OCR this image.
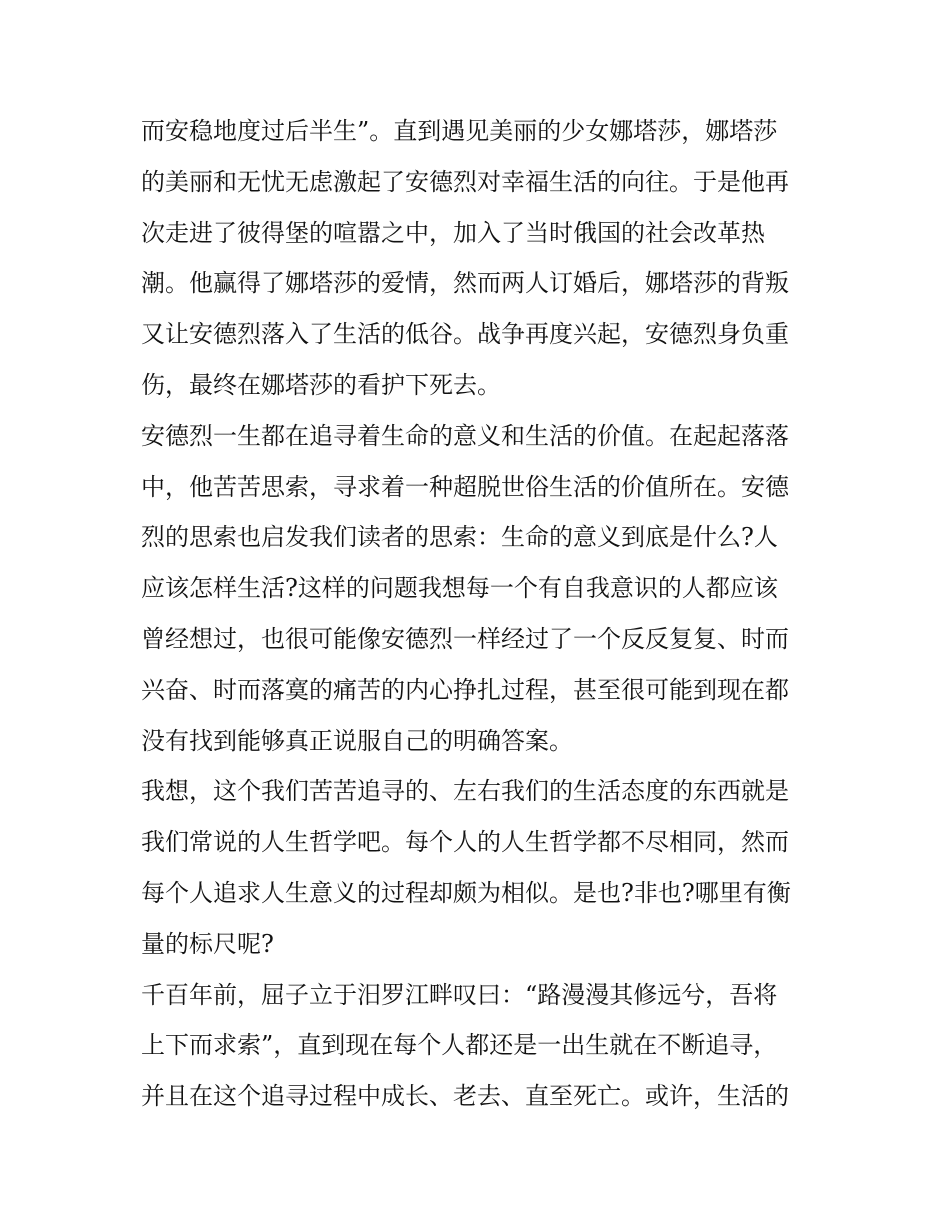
而安稳地度过后半生”。直到遇见美丽的少女娜塔莎，娜塔莎
的美丽和无忧无虑激起了安德烈对幸福生活的向往。于是他再
次走进了彼得堡的喧嚣之中，加入了当时俄国的社会改革热
潮。他赢得了娜塔莎的爱情，然而两人订婚后，娜塔莎的背叛
又让安德烈落入了生活的低谷。战争再度兴起，安德烈身负重
伤，最终在娜塔莎的看护下死去。
安德烈一生都在追寻着生命的意义和生活的价值。在起起落落
中，他苦苦思索，寻求着一种超脱世俗生活的价值所在。安德
烈的思索也启发我们读者的思索：生命的意义到底是什么?人
应该怎样生活?这样的问题我想每一个有自我意识的人都应该
曾经想过，也很可能像安德烈一样经过了一个反反复复、时而
兴奋、时而落寞的痛苦的内心挣扎过程，甚至很可能到现在都
没有找到能够真正说服自己的明确答案。
我想，这个我们苦苦追寻的、左右我们的生活态度的东西就是
我们常说的人生哲学吧。每个人的人生哲学都不尽相同，然而
每个人追求人生意义的过程却颇为相似。是也?非也?哪里有衡
量的标尺呢?
千百年前，屈子立于汨罗江畔叹曰：“路漫漫其修远兮，吾将
上下而求索”，直到现在每个人都还是一出生就在不断追寻，
并且在这个追寻过程中成长、老去、直至死亡。或许，生活的
